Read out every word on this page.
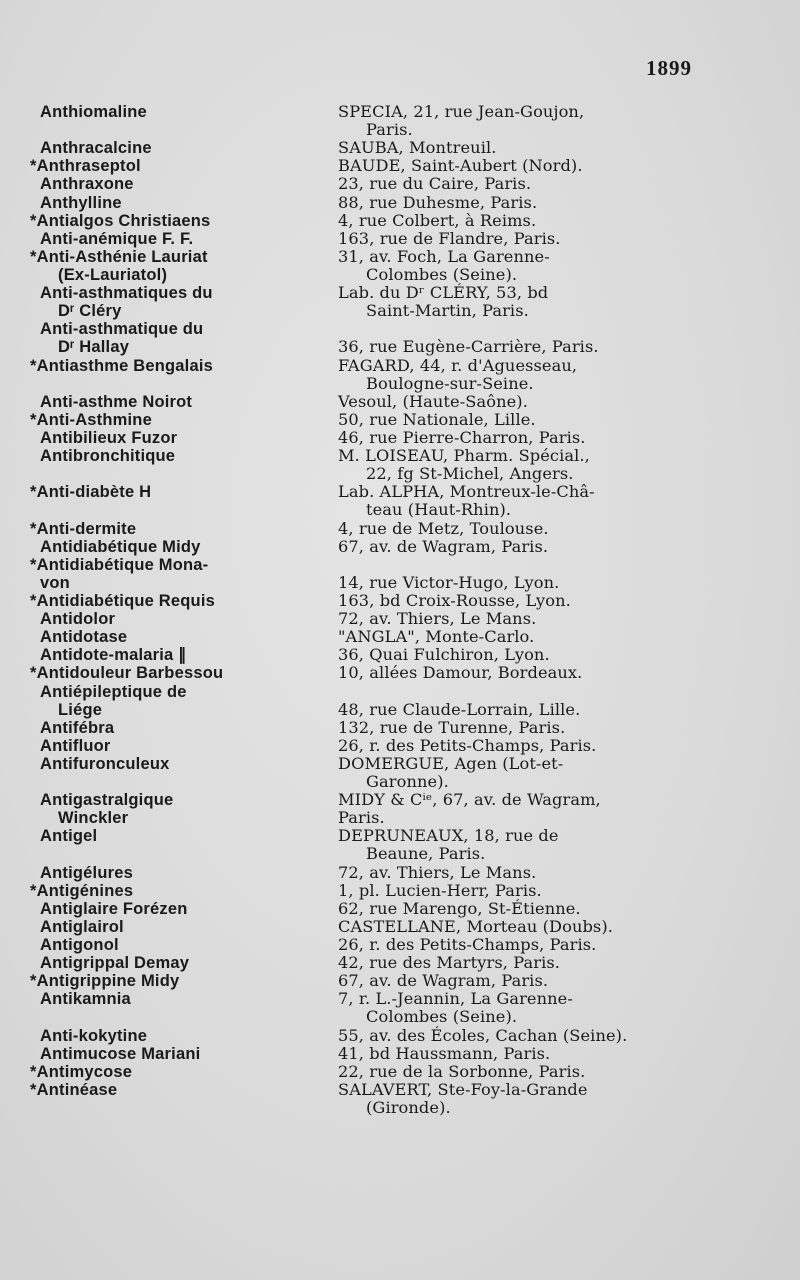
1899
Anthiomaline	SPECIA, 21, rue Jean-Goujon,
Paris.
Anthracalcine	SAUBA, Montreuil.
*Anthraseptol	BAUDE, Saint-Aubert (Nord).
Anthraxone	23, rue du Caire, Paris.
Anthylline	88, rue Duhesme, Paris.
*Antialgos Christiaens	4, rue Colbert, à Reims.
Anti-anémique F. F.	163, rue de Flandre, Paris.
*Anti-Asthénie Lauriat	31, av. Foch, La Garenne-
(Ex-Lauriatol)	Colombes (Seine).
Anti-asthmatiques du	Lab. du Dʳ CLÉRY, 53, bd
Dʳ Cléry	Saint-Martin, Paris.
Anti-asthmatique du
Dʳ Hallay	36, rue Eugène-Carrière, Paris.
*Antiasthme Bengalais	FAGARD, 44, r. d'Aguesseau,
Boulogne-sur-Seine.
Anti-asthme Noirot	Vesoul, (Haute-Saône).
*Anti-Asthmine	50, rue Nationale, Lille.
Antibilieux Fuzor	46, rue Pierre-Charron, Paris.
Antibronchitique	M. LOISEAU, Pharm. Spécial.,
22, fg St-Michel, Angers.
*Anti-diabète H	Lab. ALPHA, Montreux-le-Châ-
teau (Haut-Rhin).
*Anti-dermite	4, rue de Metz, Toulouse.
Antidiabétique Midy	67, av. de Wagram, Paris.
*Antidiabétique Mona-
von	14, rue Victor-Hugo, Lyon.
*Antidiabétique Requis	163, bd Croix-Rousse, Lyon.
Antidolor	72, av. Thiers, Le Mans.
Antidotase	"ANGLA", Monte-Carlo.
Antidote-malaria ∥	36, Quai Fulchiron, Lyon.
*Antidouleur Barbessou	10, allées Damour, Bordeaux.
Antiépileptique de
Liége	48, rue Claude-Lorrain, Lille.
Antifébra	132, rue de Turenne, Paris.
Antifluor	26, r. des Petits-Champs, Paris.
Antifuronculeux	DOMERGUE, Agen (Lot-et-
Garonne).
Antigastralgique	MIDY & Cⁱᵉ, 67, av. de Wagram,
Winckler	Paris.
Antigel	DEPRUNEAUX, 18, rue de
Beaune, Paris.
Antigélures	72, av. Thiers, Le Mans.
*Antigénines	1, pl. Lucien-Herr, Paris.
Antiglaire Forézen	62, rue Marengo, St-Étienne.
Antiglairol	CASTELLANE, Morteau (Doubs).
Antigonol	26, r. des Petits-Champs, Paris.
Antigrippal Demay	42, rue des Martyrs, Paris.
*Antigrippine Midy	67, av. de Wagram, Paris.
Antikamnia	7, r. L.-Jeannin, La Garenne-
Colombes (Seine).
Anti-kokytine	55, av. des Écoles, Cachan (Seine).
Antimucose Mariani	41, bd Haussmann, Paris.
*Antimycose	22, rue de la Sorbonne, Paris.
*Antinéase	SALAVERT, Ste-Foy-la-Grande
(Gironde).
